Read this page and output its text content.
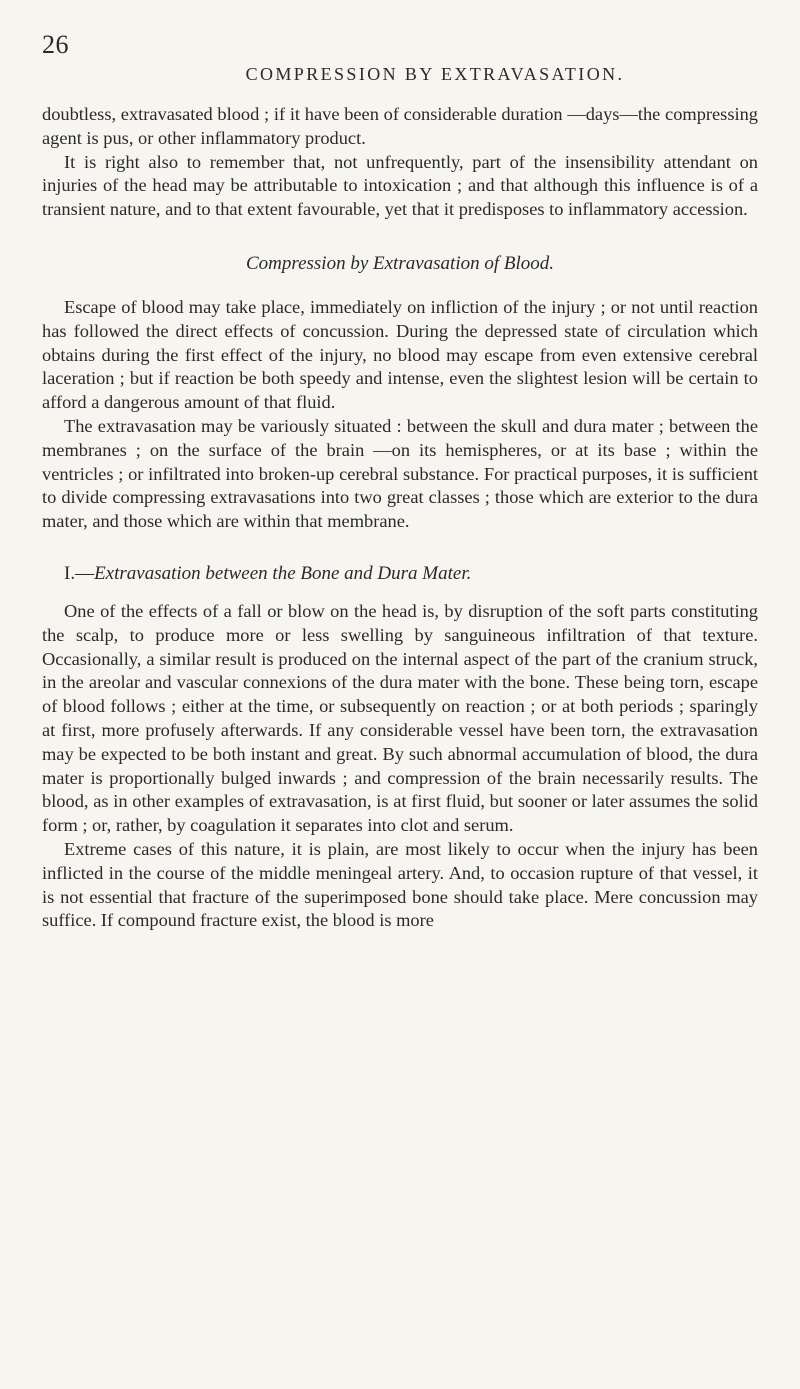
26
COMPRESSION BY EXTRAVASATION.

doubtless, extravasated blood ; if it have been of considerable duration —days—the compressing agent is pus, or other inflammatory product.

It is right also to remember that, not unfrequently, part of the insensibility attendant on injuries of the head may be attributable to intoxication ; and that although this influence is of a transient nature, and to that extent favourable, yet that it predisposes to inflammatory accession.

Compression by Extravasation of Blood.

Escape of blood may take place, immediately on infliction of the injury ; or not until reaction has followed the direct effects of concussion. During the depressed state of circulation which obtains during the first effect of the injury, no blood may escape from even extensive cerebral laceration ; but if reaction be both speedy and intense, even the slightest lesion will be certain to afford a dangerous amount of that fluid.

The extravasation may be variously situated : between the skull and dura mater ; between the membranes ; on the surface of the brain —on its hemispheres, or at its base ; within the ventricles ; or infiltrated into broken-up cerebral substance. For practical purposes, it is sufficient to divide compressing extravasations into two great classes ; those which are exterior to the dura mater, and those which are within that membrane.

I.—Extravasation between the Bone and Dura Mater.

One of the effects of a fall or blow on the head is, by disruption of the soft parts constituting the scalp, to produce more or less swelling by sanguineous infiltration of that texture. Occasionally, a similar result is produced on the internal aspect of the part of the cranium struck, in the areolar and vascular connexions of the dura mater with the bone. These being torn, escape of blood follows ; either at the time, or subsequently on reaction ; or at both periods ; sparingly at first, more profusely afterwards. If any considerable vessel have been torn, the extravasation may be expected to be both instant and great. By such abnormal accumulation of blood, the dura mater is proportionally bulged inwards ; and compression of the brain necessarily results. The blood, as in other examples of extravasation, is at first fluid, but sooner or later assumes the solid form ; or, rather, by coagulation it separates into clot and serum.

Extreme cases of this nature, it is plain, are most likely to occur when the injury has been inflicted in the course of the middle meningeal artery. And, to occasion rupture of that vessel, it is not essential that fracture of the superimposed bone should take place. Mere concussion may suffice. If compound fracture exist, the blood is more
